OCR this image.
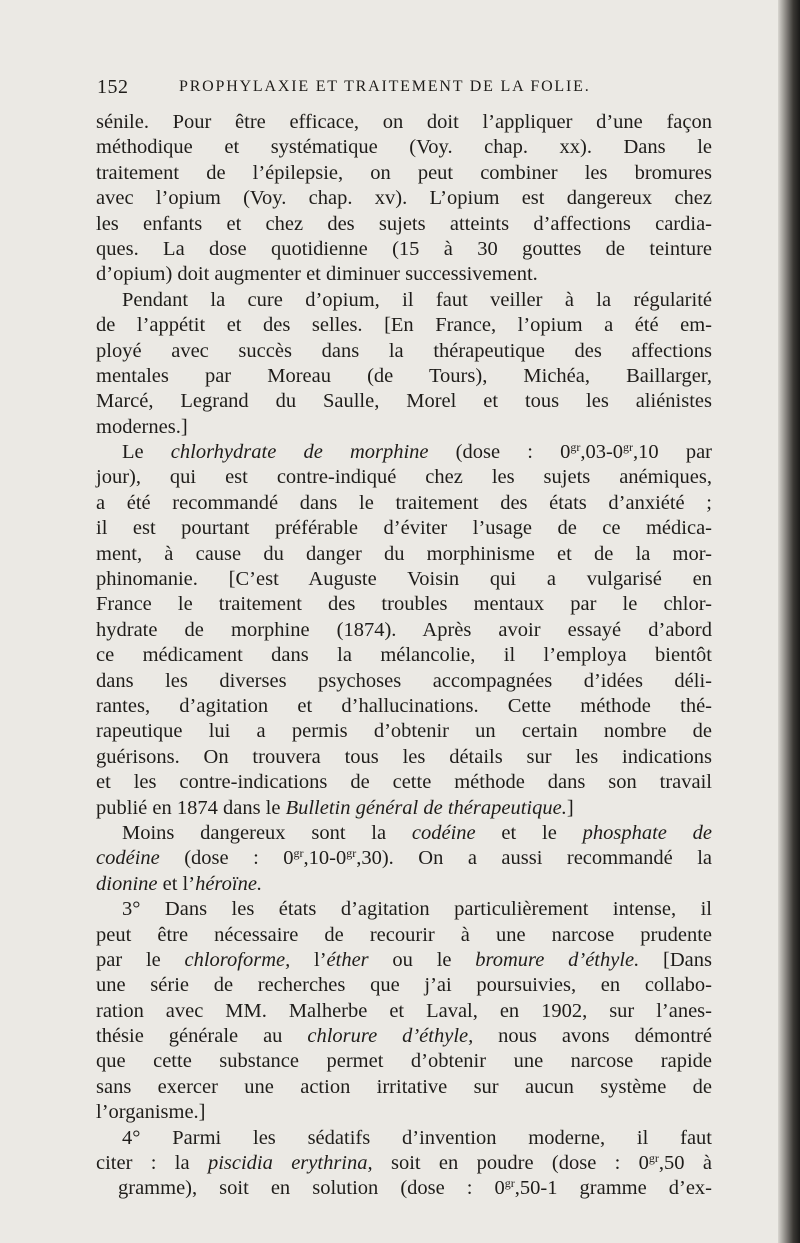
152	PROPHYLAXIE ET TRAITEMENT DE LA FOLIE.
sénile. Pour être efficace, on doit l’appliquer d’une façon
méthodique et systématique (Voy. chap. xx). Dans le
traitement de l’épilepsie, on peut combiner les bromures
avec l’opium (Voy. chap. xv). L’opium est dangereux chez
les enfants et chez des sujets atteints d’affections cardia-
ques. La dose quotidienne (15 à 30 gouttes de teinture
d’opium) doit augmenter et diminuer successivement.
Pendant la cure d’opium, il faut veiller à la régularité
de l’appétit et des selles. [En France, l’opium a été em-
ployé avec succès dans la thérapeutique des affections
mentales par Moreau (de Tours), Michéa, Baillarger,
Marcé, Legrand du Saulle, Morel et tous les aliénistes
modernes.]
Le chlorhydrate de morphine (dose : $0^{gr},03-0^{gr},10$ par
jour), qui est contre-indiqué chez les sujets anémiques,
a été recommandé dans le traitement des états d’anxiété ;
il est pourtant préférable d’éviter l’usage de ce médica-
ment, à cause du danger du morphinisme et de la mor-
phinomanie. [C’est Auguste Voisin qui a vulgarisé en
France le traitement des troubles mentaux par le chlor-
hydrate de morphine (1874). Après avoir essayé d’abord
ce médicament dans la mélancolie, il l’employa bientôt
dans les diverses psychoses accompagnées d’idées déli-
rantes, d’agitation et d’hallucinations. Cette méthode thé-
rapeutique lui a permis d’obtenir un certain nombre de
guérisons. On trouvera tous les détails sur les indications
et les contre-indications de cette méthode dans son travail
publié en 1874 dans le Bulletin général de thérapeutique.]
Moins dangereux sont la codéine et le phosphate de
codéine (dose : $0^{gr},10-0^{gr},30$). On a aussi recommandé la
dionine et l’héroïne.
3° Dans les états d’agitation particulièrement intense, il
peut être nécessaire de recourir à une narcose prudente
par le chloroforme, l’éther ou le bromure d’éthyle. [Dans
une série de recherches que j’ai poursuivies, en collabo-
ration avec MM. Malherbe et Laval, en 1902, sur l’anes-
thésie générale au chlorure d’éthyle, nous avons démontré
que cette substance permet d’obtenir une narcose rapide
sans exercer une action irritative sur aucun système de
l’organisme.]
4° Parmi les sédatifs d’invention moderne, il faut
citer : la piscidia erythrina, soit en poudre (dose : $0^{gr},50$ à
gramme), soit en solution (dose : $0^{gr},50-1$ gramme d’ex-
